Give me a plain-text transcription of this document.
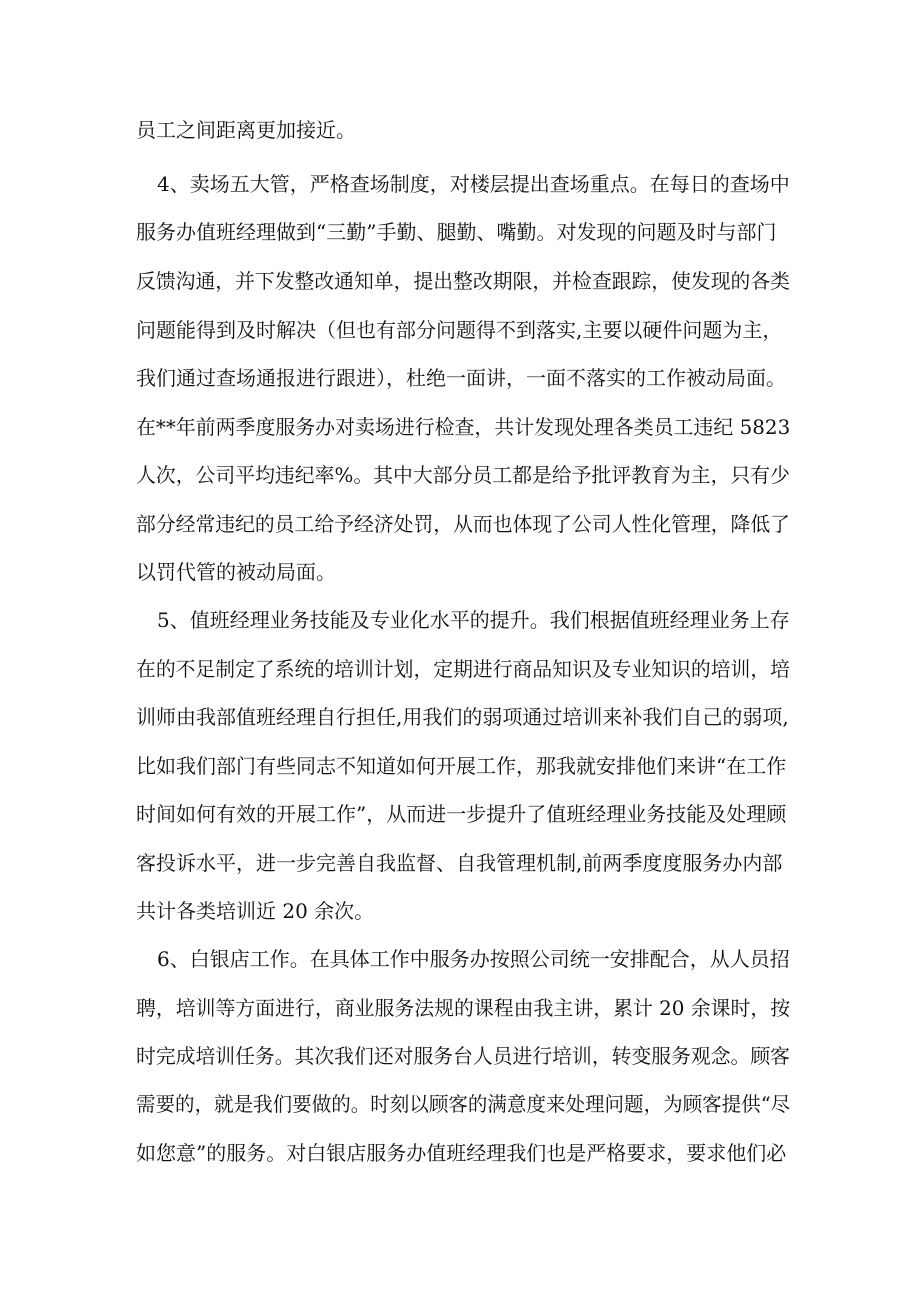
员工之间距离更加接近。
4、卖场五大管，严格查场制度，对楼层提出查场重点。在每日的查场中
服务办值班经理做到“三勤”手勤、腿勤、嘴勤。对发现的问题及时与部门
反馈沟通，并下发整改通知单，提出整改期限，并检查跟踪，使发现的各类
问题能得到及时解决（但也有部分问题得不到落实,主要以硬件问题为主，
我们通过查场通报进行跟进），杜绝一面讲，一面不落实的工作被动局面。
在**年前两季度服务办对卖场进行检查，共计发现处理各类员工违纪 5823
人次，公司平均违纪率%。其中大部分员工都是给予批评教育为主，只有少
部分经常违纪的员工给予经济处罚，从而也体现了公司人性化管理，降低了
以罚代管的被动局面。
5、值班经理业务技能及专业化水平的提升。我们根据值班经理业务上存
在的不足制定了系统的培训计划，定期进行商品知识及专业知识的培训，培
训师由我部值班经理自行担任,用我们的弱项通过培训来补我们自己的弱项,
比如我们部门有些同志不知道如何开展工作，那我就安排他们来讲“在工作
时间如何有效的开展工作”，从而进一步提升了值班经理业务技能及处理顾
客投诉水平，进一步完善自我监督、自我管理机制,前两季度度服务办内部
共计各类培训近 20 余次。
6、白银店工作。在具体工作中服务办按照公司统一安排配合，从人员招
聘，培训等方面进行，商业服务法规的课程由我主讲，累计 20 余课时，按
时完成培训任务。其次我们还对服务台人员进行培训，转变服务观念。顾客
需要的，就是我们要做的。时刻以顾客的满意度来处理问题，为顾客提供“尽
如您意”的服务。对白银店服务办值班经理我们也是严格要求，要求他们必
